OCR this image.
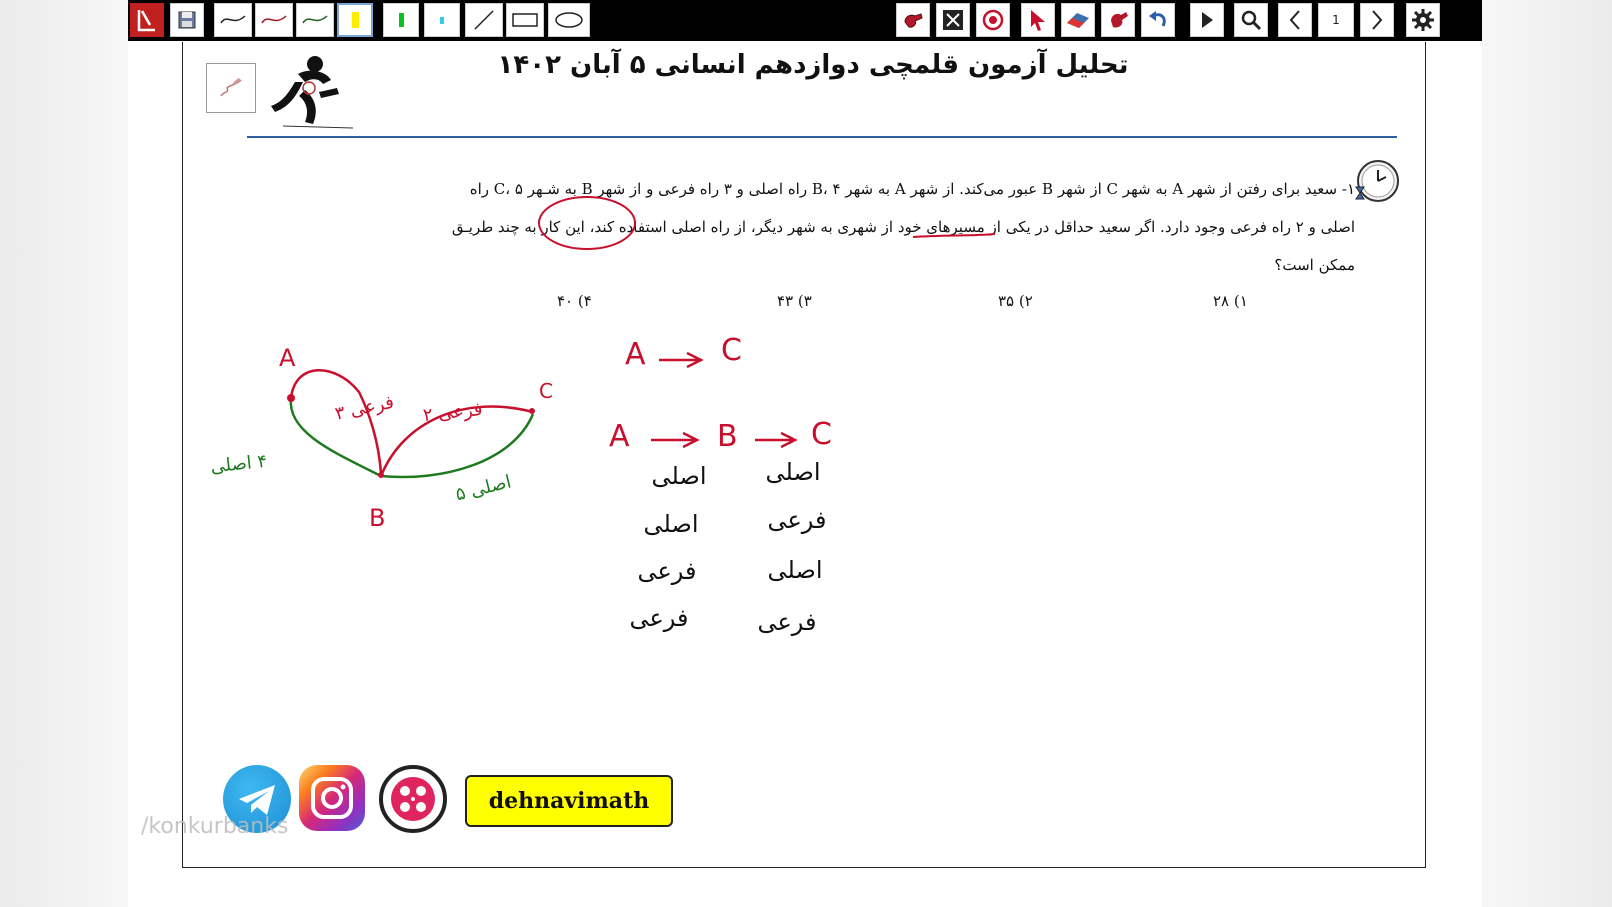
1
تحلیل آزمون قلمچی دوازدهم انسانی ۵ آبان ۱۴۰۲
۱- سعید برای رفتن از شهر A به شهر C از شهر B عبور می‌کند. از شهر A به شهر B، ۴ راه اصلی و ۳ راه فرعی و از شهر B به شـهر C، ۵ راه
اصلی و ۲ راه فرعی وجود دارد. اگر سعید حداقل در یکی از مسیرهای خود از شهری به شهر دیگر، از راه اصلی استفاده کند، این کار به چند طریـق
ممکن است؟
۱) ۲۸
۲) ۳۵
۳) ۴۳
۴) ۴۰
A
B
C
۴ اصلی
۳ فرعی ۲ فرعی
۵ اصلی
A	C
A	B C
اصلی
اصلی
فرعی
فرعی
اصلی
فرعی
اصلی
فرعی
dehnavimath
/konkurbanks
